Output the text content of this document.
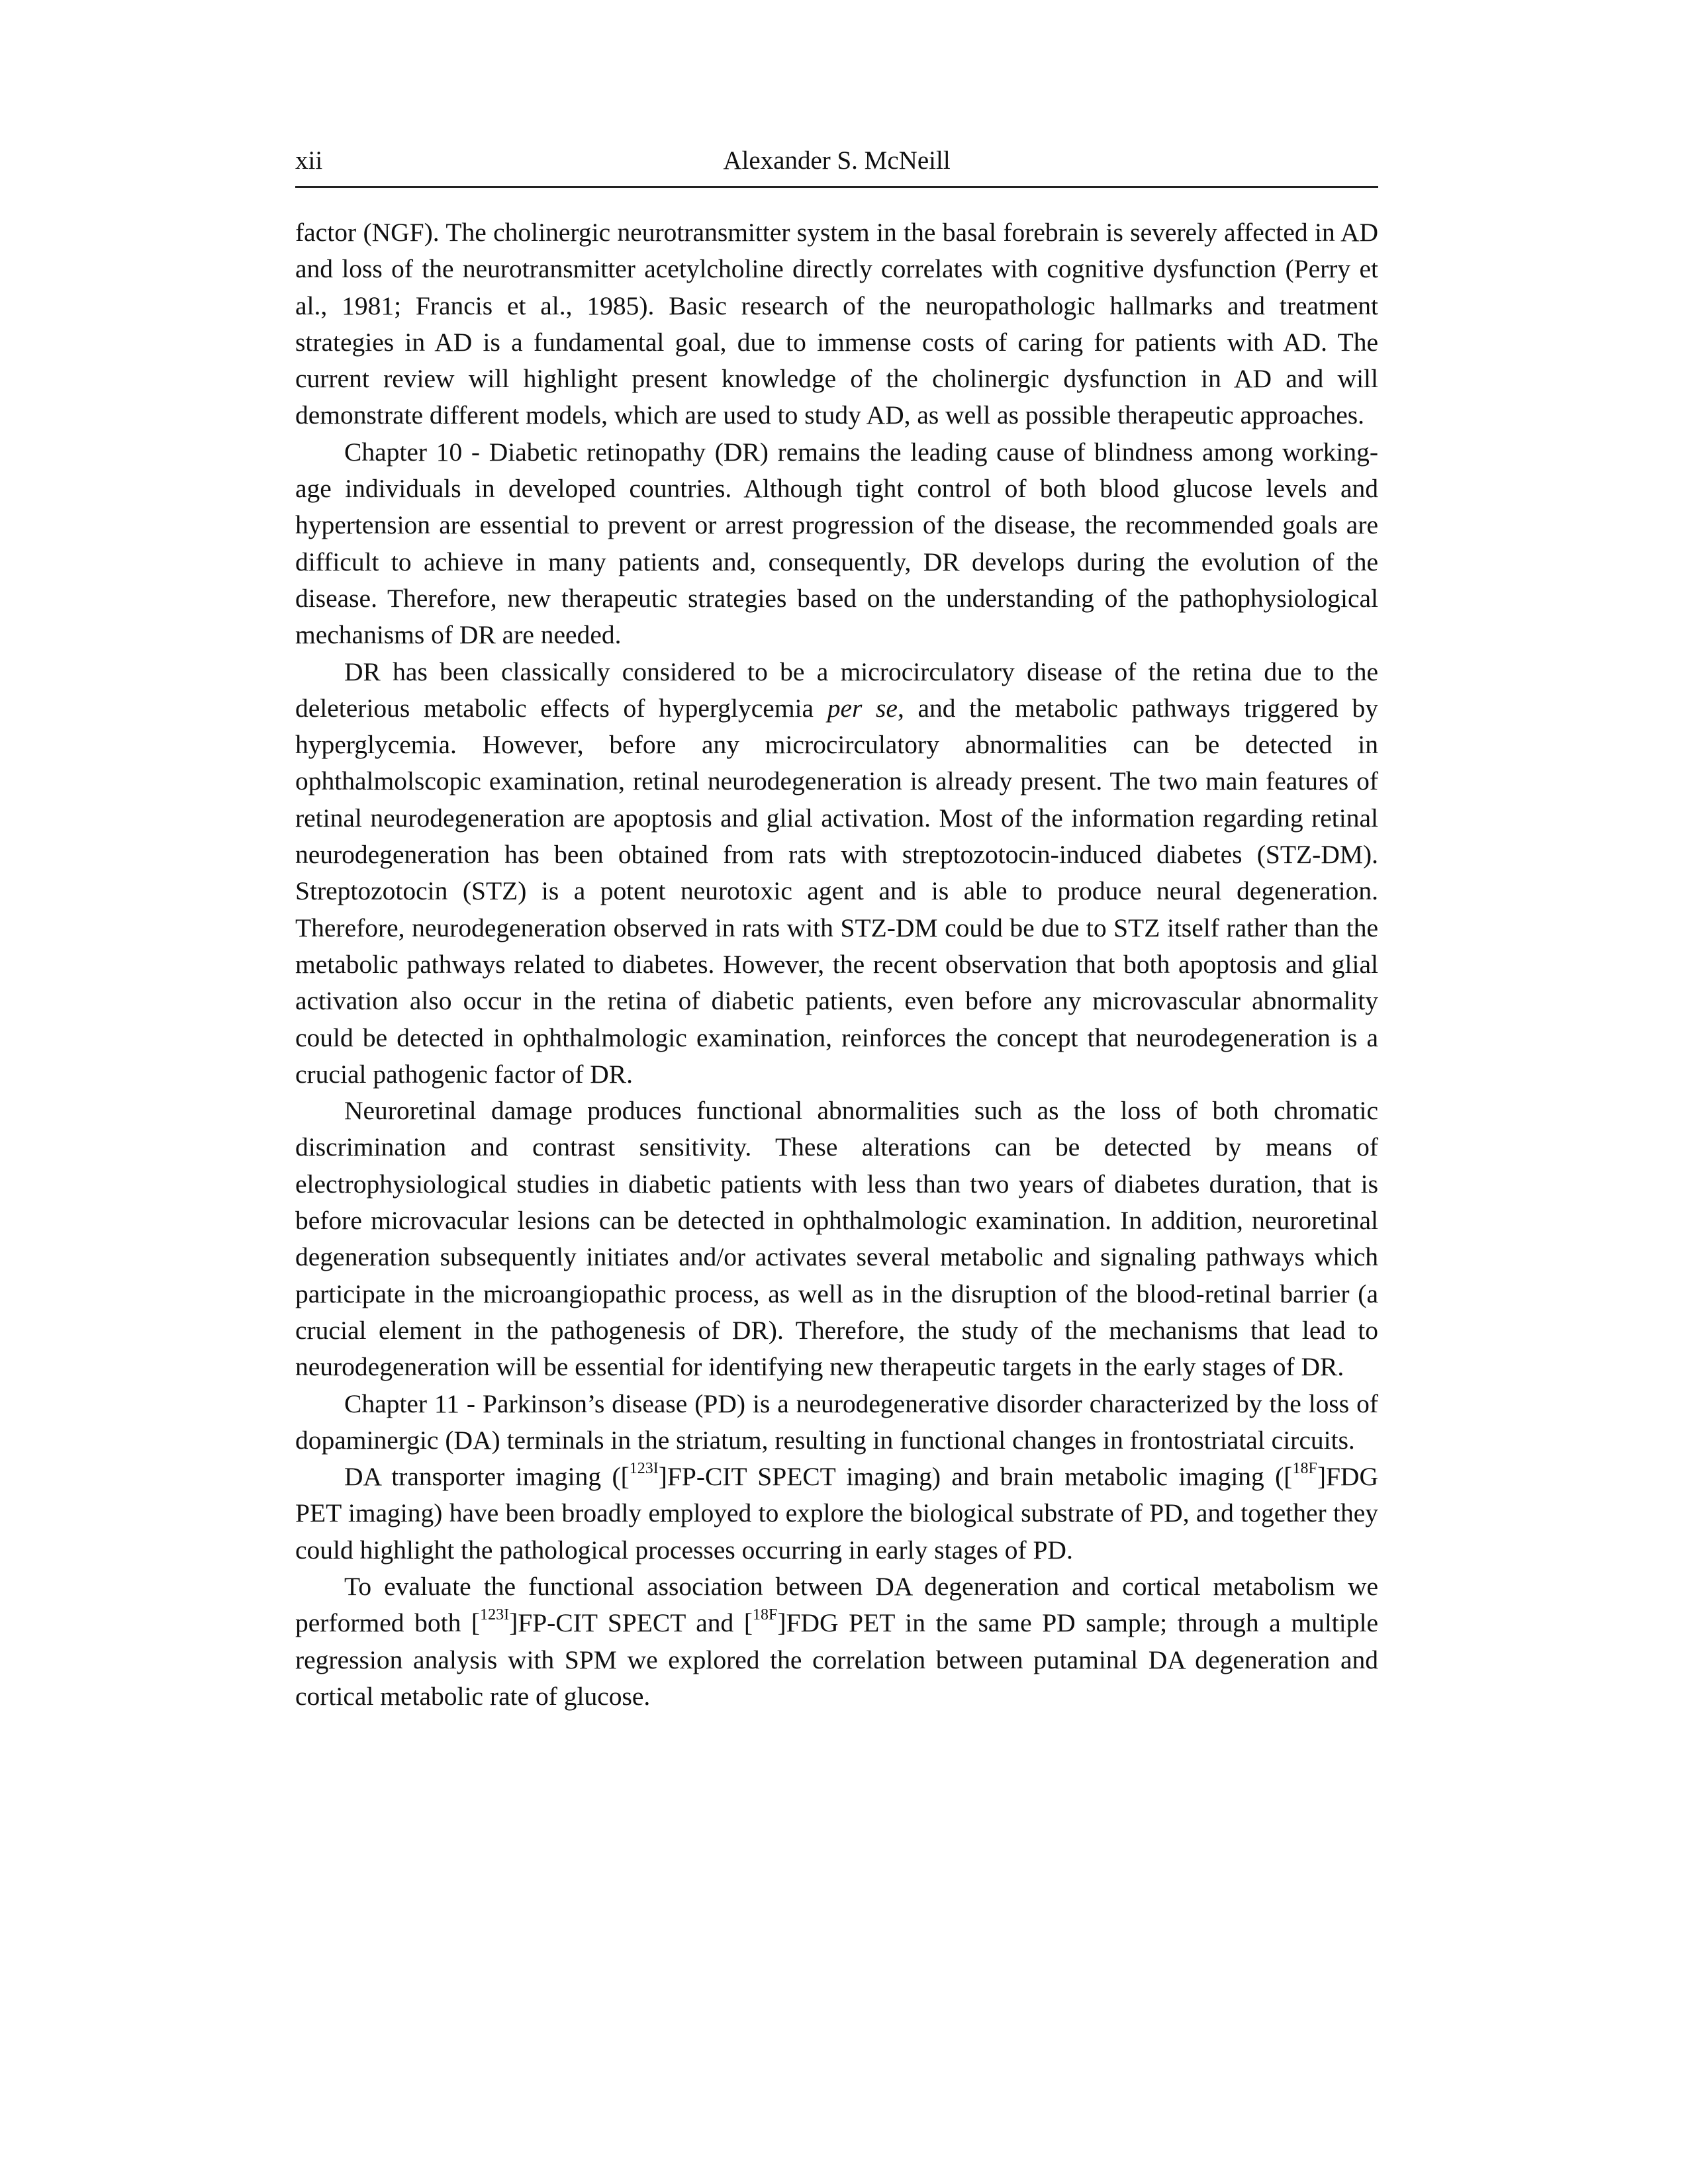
xii	Alexander S. McNeill

factor (NGF). The cholinergic neurotransmitter system in the basal forebrain is severely affected in AD and loss of the neurotransmitter acetylcholine directly correlates with cognitive dysfunction (Perry et al., 1981; Francis et al., 1985). Basic research of the neuropathologic hallmarks and treatment strategies in AD is a fundamental goal, due to immense costs of caring for patients with AD. The current review will highlight present knowledge of the cholinergic dysfunction in AD and will demonstrate different models, which are used to study AD, as well as possible therapeutic approaches.

Chapter 10 - Diabetic retinopathy (DR) remains the leading cause of blindness among working-age individuals in developed countries. Although tight control of both blood glucose levels and hypertension are essential to prevent or arrest progression of the disease, the recommended goals are difficult to achieve in many patients and, consequently, DR develops during the evolution of the disease. Therefore, new therapeutic strategies based on the understanding of the pathophysiological mechanisms of DR are needed.

DR has been classically considered to be a microcirculatory disease of the retina due to the deleterious metabolic effects of hyperglycemia per se, and the metabolic pathways triggered by hyperglycemia. However, before any microcirculatory abnormalities can be detected in ophthalmolscopic examination, retinal neurodegeneration is already present. The two main features of retinal neurodegeneration are apoptosis and glial activation. Most of the information regarding retinal neurodegeneration has been obtained from rats with streptozotocin-induced diabetes (STZ-DM). Streptozotocin (STZ) is a potent neurotoxic agent and is able to produce neural degeneration. Therefore, neurodegeneration observed in rats with STZ-DM could be due to STZ itself rather than the metabolic pathways related to diabetes. However, the recent observation that both apoptosis and glial activation also occur in the retina of diabetic patients, even before any microvascular abnormality could be detected in ophthalmologic examination, reinforces the concept that neurodegeneration is a crucial pathogenic factor of DR.

Neuroretinal damage produces functional abnormalities such as the loss of both chromatic discrimination and contrast sensitivity. These alterations can be detected by means of electrophysiological studies in diabetic patients with less than two years of diabetes duration, that is before microvacular lesions can be detected in ophthalmologic examination. In addition, neuroretinal degeneration subsequently initiates and/or activates several metabolic and signaling pathways which participate in the microangiopathic process, as well as in the disruption of the blood-retinal barrier (a crucial element in the pathogenesis of DR). Therefore, the study of the mechanisms that lead to neurodegeneration will be essential for identifying new therapeutic targets in the early stages of DR.

Chapter 11 - Parkinson’s disease (PD) is a neurodegenerative disorder characterized by the loss of dopaminergic (DA) terminals in the striatum, resulting in functional changes in frontostriatal circuits.

DA transporter imaging ([$^{123I}$]FP-CIT SPECT imaging) and brain metabolic imaging ([$^{18F}$]FDG PET imaging) have been broadly employed to explore the biological substrate of PD, and together they could highlight the pathological processes occurring in early stages of PD.

To evaluate the functional association between DA degeneration and cortical metabolism we performed both [$^{123I}$]FP-CIT SPECT and [$^{18F}$]FDG PET in the same PD sample; through a multiple regression analysis with SPM we explored the correlation between putaminal DA degeneration and cortical metabolic rate of glucose.
